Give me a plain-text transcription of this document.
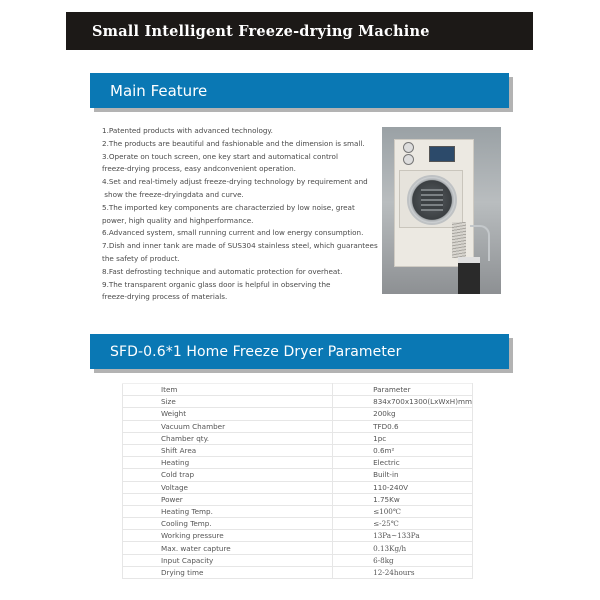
Small Intelligent Freeze-drying Machine
Main Feature
1.Patented products with advanced technology.
2.The products are beautiful and fashionable and the dimension is small.
3.Operate on touch screen, one key start and automatical control
freeze-drying process, easy andconvenient operation.
4.Set and real-timely adjust freeze-drying technology by requirement and
show the freeze-dryingdata and curve.
5.The imported key components are characterzied by low noise, great
power, high quality and highperformance.
6.Advanced system, small running current and low energy consumption.
7.Dish and inner tank are made of SUS304 stainless steel, which guarantees
the safety of product.
8.Fast defrosting technique and automatic protection for overheat.
9.The transparent organic glass door is helpful in observing the
freeze-drying process of materials.
SFD-0.6*1 Home Freeze Dryer Parameter
Item	Parameter
Size	834x700x1300(LxWxH)mm
Weight	200kg
Vacuum Chamber	TFD0.6
Chamber qty.	1pc
Shift Area	0.6m²
Heating	Electric
Cold trap	Built-in
Voltage	110-240V
Power	1.75Kw
Heating Temp.	≤100℃
Cooling Temp.	≤-25℃
Working pressure	13Pa~133Pa
Max. water capture	0.13Kg/h
Input Capacity	6-8kg
Drying time	12-24hours
